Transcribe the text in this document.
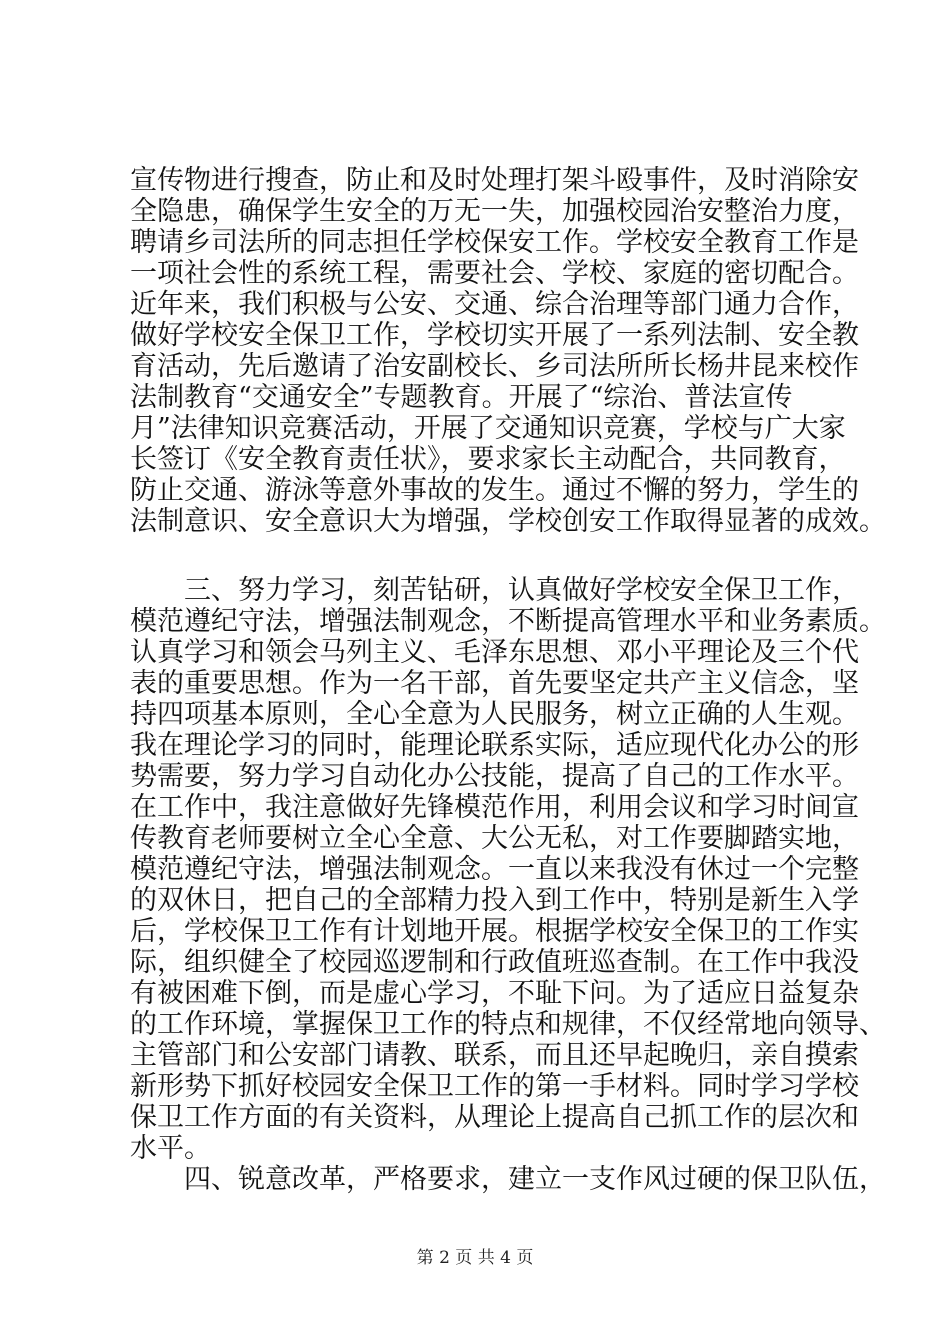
宣传物进行搜查，防止和及时处理打架斗殴事件，及时消除安
全隐患，确保学生安全的万无一失，加强校园治安整治力度，
聘请乡司法所的同志担任学校保安工作。学校安全教育工作是
一项社会性的系统工程，需要社会、学校、家庭的密切配合。
近年来，我们积极与公安、交通、综合治理等部门通力合作，
做好学校安全保卫工作，学校切实开展了一系列法制、安全教
育活动，先后邀请了治安副校长、乡司法所所长杨井昆来校作
法制教育“交通安全”专题教育。开展了“综治、普法宣传
月”法律知识竞赛活动，开展了交通知识竞赛，学校与广大家
长签订《安全教育责任状》，要求家长主动配合，共同教育，
防止交通、游泳等意外事故的发生。通过不懈的努力，学生的
法制意识、安全意识大为增强，学校创安工作取得显著的成效。
三、努力学习，刻苦钻研，认真做好学校安全保卫工作，
模范遵纪守法，增强法制观念，不断提高管理水平和业务素质。
认真学习和领会马列主义、毛泽东思想、邓小平理论及三个代
表的重要思想。作为一名干部，首先要坚定共产主义信念，坚
持四项基本原则，全心全意为人民服务，树立正确的人生观。
我在理论学习的同时，能理论联系实际，适应现代化办公的形
势需要，努力学习自动化办公技能，提高了自己的工作水平。
在工作中，我注意做好先锋模范作用，利用会议和学习时间宣
传教育老师要树立全心全意、大公无私，对工作要脚踏实地，
模范遵纪守法，增强法制观念。一直以来我没有休过一个完整
的双休日，把自己的全部精力投入到工作中，特别是新生入学
后，学校保卫工作有计划地开展。根据学校安全保卫的工作实
际，组织健全了校园巡逻制和行政值班巡查制。在工作中我没
有被困难下倒，而是虚心学习，不耻下问。为了适应日益复杂
的工作环境，掌握保卫工作的特点和规律，不仅经常地向领导、
主管部门和公安部门请教、联系，而且还早起晚归，亲自摸索
新形势下抓好校园安全保卫工作的第一手材料。同时学习学校
保卫工作方面的有关资料，从理论上提高自己抓工作的层次和
水平。
四、锐意改革，严格要求，建立一支作风过硬的保卫队伍，
第 2 页 共 4 页
